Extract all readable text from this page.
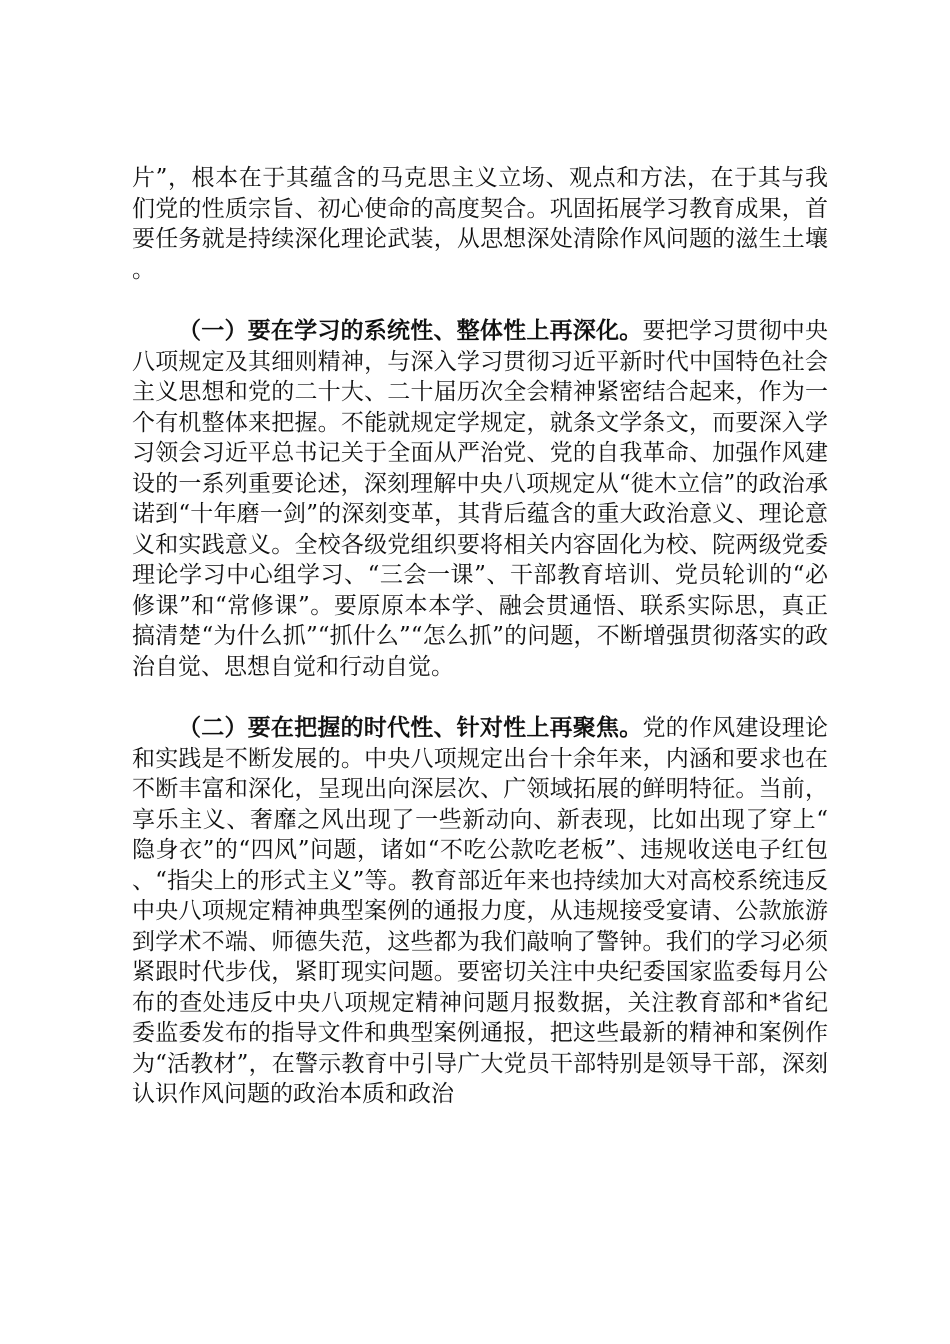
片”，根本在于其蕴含的马克思主义立场、观点和方法，在于其与我们党的性质宗旨、初心使命的高度契合。巩固拓展学习教育成果，首要任务就是持续深化理论武装，从思想深处清除作风问题的滋生土壤。

（一）要在学习的系统性、整体性上再深化。要把学习贯彻中央八项规定及其细则精神，与深入学习贯彻习近平新时代中国特色社会主义思想和党的二十大、二十届历次全会精神紧密结合起来，作为一个有机整体来把握。不能就规定学规定，就条文学条文，而要深入学习领会习近平总书记关于全面从严治党、党的自我革命、加强作风建设的一系列重要论述，深刻理解中央八项规定从“徙木立信”的政治承诺到“十年磨一剑”的深刻变革，其背后蕴含的重大政治意义、理论意义和实践意义。全校各级党组织要将相关内容固化为校、院两级党委理论学习中心组学习、“三会一课”、干部教育培训、党员轮训的“必修课”和“常修课”。要原原本本学、融会贯通悟、联系实际思，真正搞清楚“为什么抓”“抓什么”“怎么抓”的问题，不断增强贯彻落实的政治自觉、思想自觉和行动自觉。

（二）要在把握的时代性、针对性上再聚焦。党的作风建设理论和实践是不断发展的。中央八项规定出台十余年来，内涵和要求也在不断丰富和深化，呈现出向深层次、广领域拓展的鲜明特征。当前，享乐主义、奢靡之风出现了一些新动向、新表现，比如出现了穿上“隐身衣”的“四风”问题，诸如“不吃公款吃老板”、违规收送电子红包、“指尖上的形式主义”等。教育部近年来也持续加大对高校系统违反中央八项规定精神典型案例的通报力度，从违规接受宴请、公款旅游到学术不端、师德失范，这些都为我们敲响了警钟。我们的学习必须紧跟时代步伐，紧盯现实问题。要密切关注中央纪委国家监委每月公布的查处违反中央八项规定精神问题月报数据，关注教育部和*省纪委监委发布的指导文件和典型案例通报，把这些最新的精神和案例作为“活教材”，在警示教育中引导广大党员干部特别是领导干部，深刻认识作风问题的政治本质和政治
